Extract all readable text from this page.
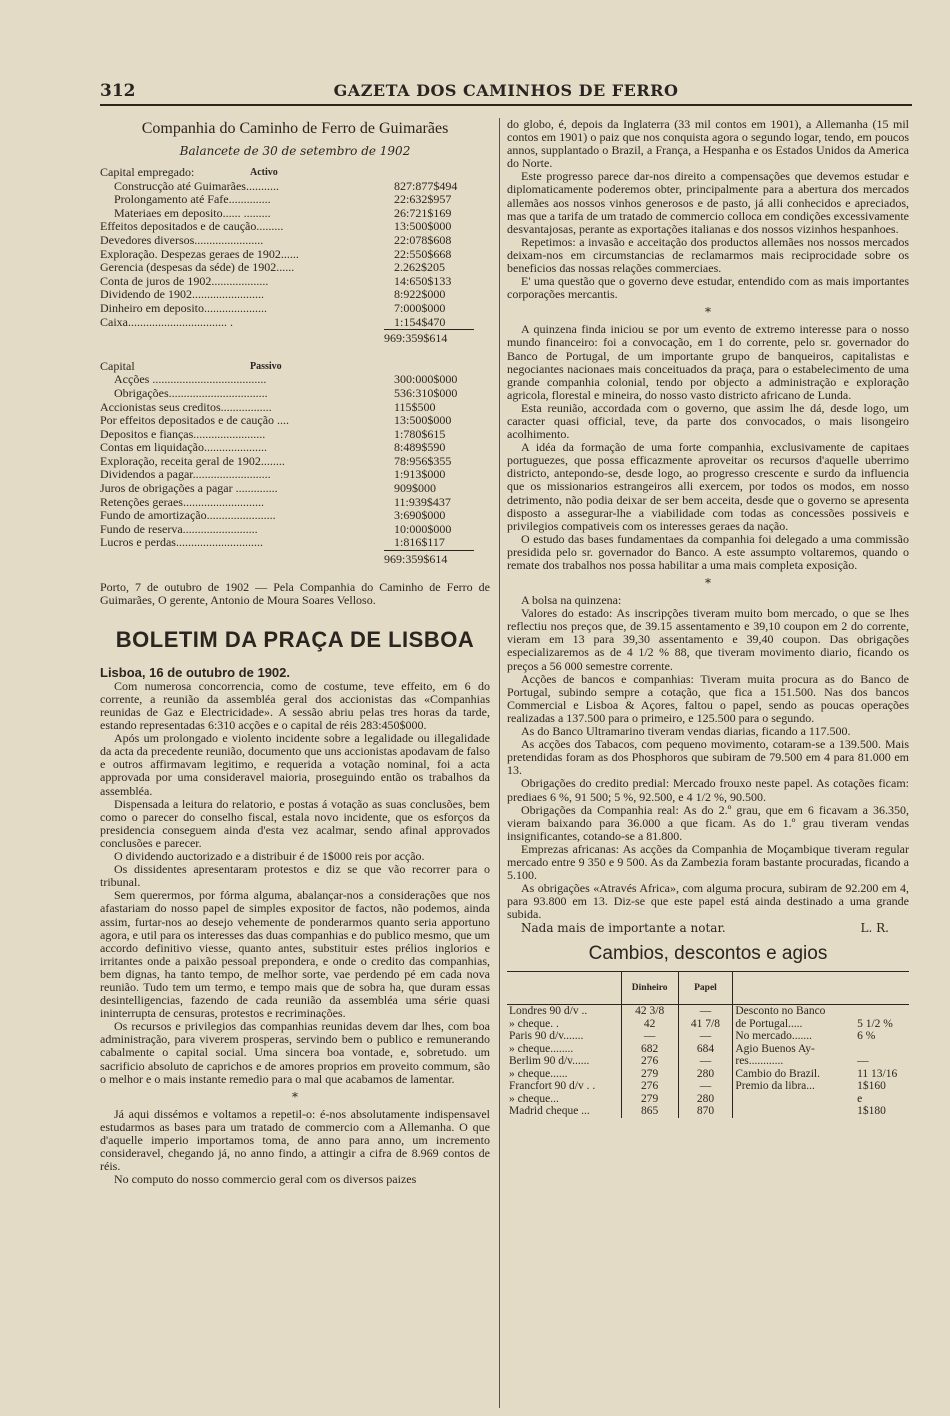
312	GAZETA DOS CAMINHOS DE FERRO
Companhia do Caminho de Ferro de Guimarães
Balancete de 30 de setembro de 1902
Capital empregado:	Activo
Construcção até Guimarães...........	827:877$494
Prolongamento até Fafe..............	22:632$957
Materiaes em deposito...... .........	26:721$169
Effeitos depositados e de caução.........	13:500$000
Devedores diversos.......................	22:078$608
Exploração. Despezas geraes de 1902......	22:550$668
Gerencia (despesas da séde) de 1902......	2.262$205
Conta de juros de 1902...................	14:650$133
Dividendo de 1902........................	8:922$000
Dinheiro em deposito.....................	7:000$000
Caixa................................. .	1:154$470
969:359$614
Capital	Passivo
Acções ......................................	300:000$000
Obrigações.................................	536:310$000
Accionistas seus creditos.................	115$500
Por effeitos depositados e de caução ....	13:500$000
Depositos e fianças........................	1:780$615
Contas em liquidação.....................	8:489$590
Exploração, receita geral de 1902........	78:956$355
Dividendos a pagar..........................	1:913$000
Juros de obrigações a pagar ..............	909$000
Retenções geraes...........................	11:939$437
Fundo de amortização.......................	3:690$000
Fundo de reserva.........................	10:000$000
Lucros e perdas.............................	1:816$117
969:359$614

Porto, 7 de outubro de 1902 — Pela Companhia do Caminho de Ferro de Guimarães, O gerente, Antonio de Moura Soares Velloso.

BOLETIM DA PRAÇA DE LISBOA
Lisboa, 16 de outubro de 1902.

Com numerosa concorrencia, como de costume, teve effeito, em 6 do corrente, a reunião da assembléa geral dos accionistas das «Companhias reunidas de Gaz e Electricidade». A sessão abriu pelas tres horas da tarde, estando representadas 6:310 acções e o capital de réis 283:450$000.

Após um prolongado e violento incidente sobre a legalidade ou illegalidade da acta da precedente reunião, documento que uns accionistas apodavam de falso e outros affirmavam legitimo, e requerida a votação nominal, foi a acta approvada por uma consideravel maioria, proseguindo então os trabalhos da assembléa.

Dispensada a leitura do relatorio, e postas á votação as suas conclusões, bem como o parecer do conselho fiscal, estala novo incidente, que os esforços da presidencia conseguem ainda d'esta vez acalmar, sendo afinal approvados conclusões e parecer.

O dividendo auctorizado e a distribuir é de 1$000 reis por acção.

Os dissidentes apresentaram protestos e diz se que vão recorrer para o tribunal.

Sem querermos, por fórma alguma, abalançar-nos a considerações que nos afastariam do nosso papel de simples expositor de factos, não podemos, ainda assim, furtar-nos ao desejo vehemente de ponderarmos quanto seria apportuno agora, e util para os interesses das duas companhias e do publico mesmo, que um accordo definitivo viesse, quanto antes, substituir estes prélios inglorios e irritantes onde a paixão pessoal prepondera, e onde o credito das companhias, bem dignas, ha tanto tempo, de melhor sorte, vae perdendo pé em cada nova reunião. Tudo tem um termo, e tempo mais que de sobra ha, que duram essas desintelligencias, fazendo de cada reunião da assembléa uma série quasi ininterrupta de censuras, protestos e recriminações.

Os recursos e privilegios das companhias reunidas devem dar lhes, com boa administração, para viverem prosperas, servindo bem o publico e remunerando cabalmente o capital social. Uma sincera boa vontade, e, sobretudo. um sacrificio absoluto de caprichos e de amores proprios em proveito commum, são o melhor e o mais instante remedio para o mal que acabamos de lamentar.

*

Já aqui dissémos e voltamos a repetil-o: é-nos absolutamente indispensavel estudarmos as bases para um tratado de commercio com a Allemanha. O que d'aquelle imperio importamos toma, de anno para anno, um incremento consideravel, chegando já, no anno findo, a attingir a cifra de 8.969 contos de réis.

No computo do nosso commercio geral com os diversos paizes

do globo, é, depois da Inglaterra (33 mil contos em 1901), a Allemanha (15 mil contos em 1901) o paiz que nos conquista agora o segundo logar, tendo, em poucos annos, supplantado o Brazil, a França, a Hespanha e os Estados Unidos da America do Norte.

Este progresso parece dar-nos direito a compensações que devemos estudar e diplomaticamente poderemos obter, principalmente para a abertura dos mercados allemães aos nossos vinhos generosos e de pasto, já alli conhecidos e apreciados, mas que a tarifa de um tratado de commercio colloca em condições excessivamente desvantajosas, perante as exportações italianas e dos nossos vizinhos hespanhoes.

Repetimos: a invasão e acceitação dos productos allemães nos nossos mercados deixam-nos em circumstancias de reclamarmos mais reciprocidade sobre os beneficios das nossas relações commerciaes.

E' uma questão que o governo deve estudar, entendido com as mais importantes corporações mercantis.

*

A quinzena finda iniciou se por um evento de extremo interesse para o nosso mundo financeiro: foi a convocação, em 1 do corrente, pelo sr. governador do Banco de Portugal, de um importante grupo de banqueiros, capitalistas e negociantes nacionaes mais conceituados da praça, para o estabelecimento de uma grande companhia colonial, tendo por objecto a administração e exploração agricola, florestal e mineira, do nosso vasto districto africano de Lunda.

Esta reunião, accordada com o governo, que assim lhe dá, desde logo, um caracter quasi official, teve, da parte dos convocados, o mais lisongeiro acolhimento.

A idéa da formação de uma forte companhia, exclusivamente de capitaes portuguezes, que possa efficazmente aproveitar os recursos d'aquelle uberrimo districto, antepondo-se, desde logo, ao progresso crescente e surdo da influencia que os missionarios estrangeiros alli exercem, por todos os modos, em nosso detrimento, não podia deixar de ser bem acceita, desde que o governo se apresenta disposto a assegurar-lhe a viabilidade com todas as concessões possiveis e privilegios compativeis com os interesses geraes da nação.

O estudo das bases fundamentaes da companhia foi delegado a uma commissão presidida pelo sr. governador do Banco. A este assumpto voltaremos, quando o remate dos trabalhos nos possa habilitar a uma mais completa exposição.

*

A bolsa na quinzena:

Valores do estado: As inscripções tiveram muito bom mercado, o que se lhes reflectiu nos preços que, de 39.15 assentamento e 39,10 coupon em 2 do corrente, vieram em 13 para 39,30 assentamento e 39,40 coupon. Das obrigações especializaremos as de 4 1/2 % 88, que tiveram movimento diario, ficando os preços a 56 000 semestre corrente.

Acções de bancos e companhias: Tiveram muita procura as do Banco de Portugal, subindo sempre a cotação, que fica a 151.500. Nas dos bancos Commercial e Lisboa & Açores, faltou o papel, sendo as poucas operações realizadas a 137.500 para o primeiro, e 125.500 para o segundo.

As do Banco Ultramarino tiveram vendas diarias, ficando a 117.500.

As acções dos Tabacos, com pequeno movimento, cotaram-se a 139.500. Mais pretendidas foram as dos Phosphoros que subiram de 79.500 em 4 para 81.000 em 13.

Obrigações do credito predial: Mercado frouxo neste papel. As cotações ficam: prediaes 6 %, 91 500; 5 %, 92.500, e 4 1/2 %, 90.500.

Obrigações da Companhia real: As do 2.º grau, que em 6 ficavam a 36.350, vieram baixando para 36.000 a que ficam. As do 1.º grau tiveram vendas insignificantes, cotando-se a 81.800.

Emprezas africanas: As acções da Companhia de Moçambique tiveram regular mercado entre 9 350 e 9 500. As da Zambezia foram bastante procuradas, ficando a 5.100.

As obrigações «Através Africa», com alguma procura, subiram de 92.200 em 4, para 93.800 em 13. Diz-se que este papel está ainda destinado a uma grande subida.

Nada mais de importante a notar.	L. R.
Cambios, descontos e agios
	Dinheiro	Papel		
Londres 90 d/v ..	42 3/8	—	Desconto no Banco	
» cheque. .	42	41 7/8	de Portugal.....	5 1/2 %
Paris 90 d/v.......	—	—	No mercado.......	6 %
» cheque........	682	684	Agio Buenos Ay-	
Berlim 90 d/v......	276	—	res............	—
» cheque......	279	280	Cambio do Brazil.	11 13/16
Francfort 90 d/v . .	276	—	Premio da libra...	1$160
» cheque...	279	280		e
Madrid cheque ...	865	870		1$180
